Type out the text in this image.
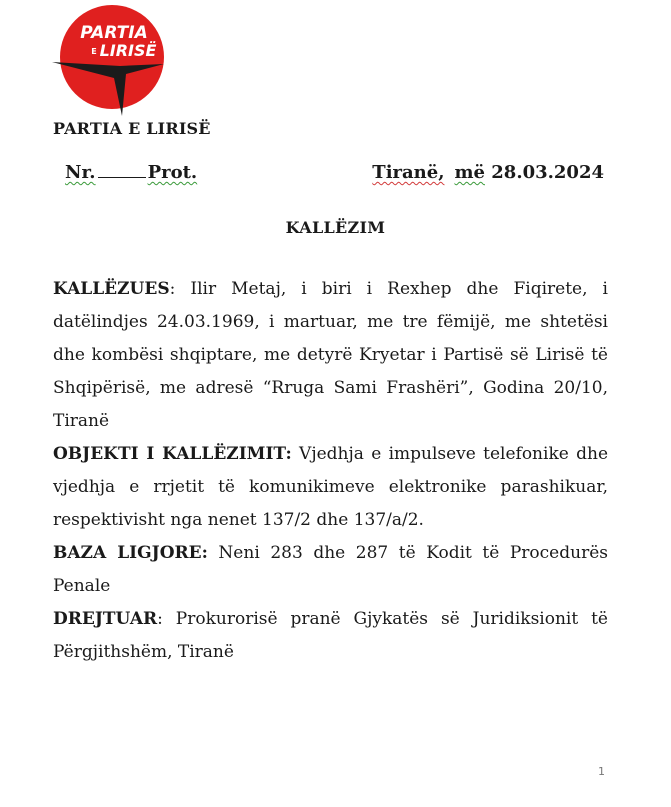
PARTIA
E LIRISË
PARTIA E LIRISË
Nr.	Prot.	Tiranë, më 28.03.2024
KALLËZIM

KALLËZUES: Ilir Metaj, i biri i Rexhep dhe Fiqirete, i datëlindjes 24.03.1969, i martuar, me tre fëmijë, me shtetësi dhe kombësi shqiptare, me detyrë Kryetar i Partisë së Lirisë të Shqipërisë, me adresë “Rruga Sami Frashëri”, Godina 20/10, Tiranë

OBJEKTI I KALLËZIMIT: Vjedhja e impulseve telefonike dhe vjedhja e rrjetit të komunikimeve elektronike parashikuar, respektivisht nga nenet 137/2 dhe 137/a/2.

BAZA LIGJORE: Neni 283 dhe 287 të Kodit të Procedurës Penale

DREJTUAR: Prokurorisë pranë Gjykatës së Juridiksionit të Përgjithshëm, Tiranë

1
